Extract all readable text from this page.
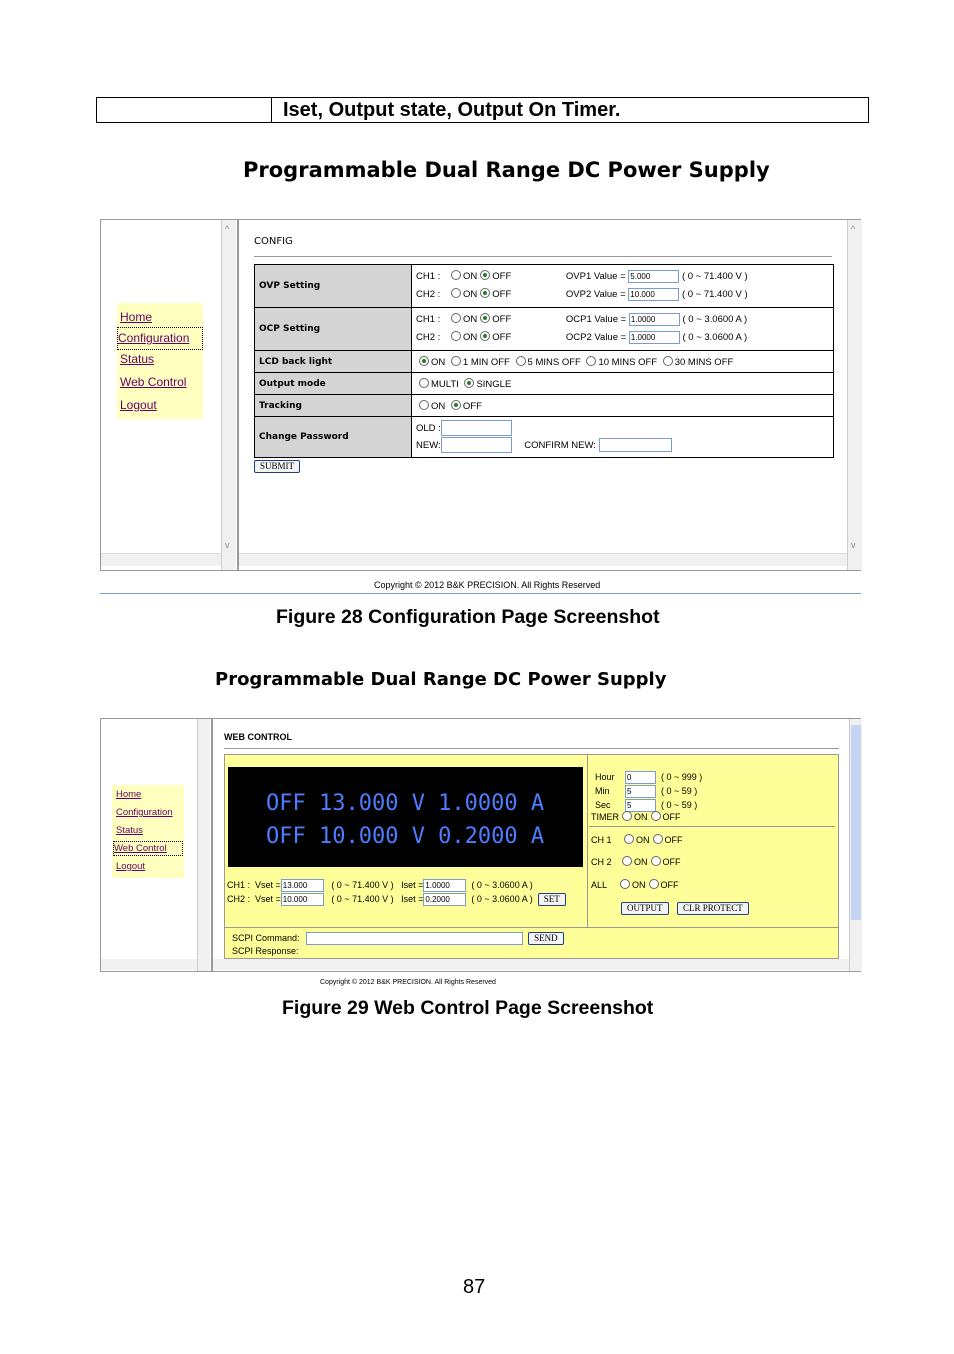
Iset, Output state, Output On Timer.
Programmable Dual Range DC Power Supply
Home
Configuration
Status
Web Control
Logout
^
v
CONFIG
OVP Setting	CH1 : ON OFF OVP1 Value = 5.000 ( 0 ~ 71.400 V )
CH2 : ON OFF OVP2 Value = 10.000 ( 0 ~ 71.400 V )

OCP Setting	CH1 : ON OFF OCP1 Value = 1.0000 ( 0 ~ 3.0600 A )
CH2 : ON OFF OCP2 Value = 1.0000 ( 0 ~ 3.0600 A )

LCD back light	ON 1 MIN OFF 5 MINS OFF 10 MINS OFF 30 MINS OFF
Output mode	MULTI SINGLE
Tracking	ON OFF
Change Password	OLD :
NEW: CONFIRM NEW:
SUBMIT
^
v
Copyright © 2012 B&K PRECISION. All Rights Reserved
Figure 28 Configuration Page Screenshot
Programmable Dual Range DC Power Supply
Home
Configuration
Status
Web Control
Logout
WEB CONTROL
OFF 13.000 V 1.0000 A
OFF 10.000 V 0.2000 A
CH1 : Vset = 13.000	( 0 ~ 71.400 V ) Iset = 1.0000 ( 0 ~ 3.0600 A )
CH2 : Vset = 10.000	( 0 ~ 71.400 V ) Iset = 0.2000 ( 0 ~ 3.0600 A ) SET
Hour 0	( 0 ~ 999 )
Min 5	( 0 ~ 59 )
Sec 5	( 0 ~ 59 )
TIMER ON OFF
CH 1	ON OFF
CH 2 ON OFF
ALL	ON OFF
OUTPUT	CLR PROTECT
SCPI Command:	SEND
SCPI Response:
Copyright © 2012 B&K PRECISION. All Rights Reserved
Figure 29 Web Control Page Screenshot
87
